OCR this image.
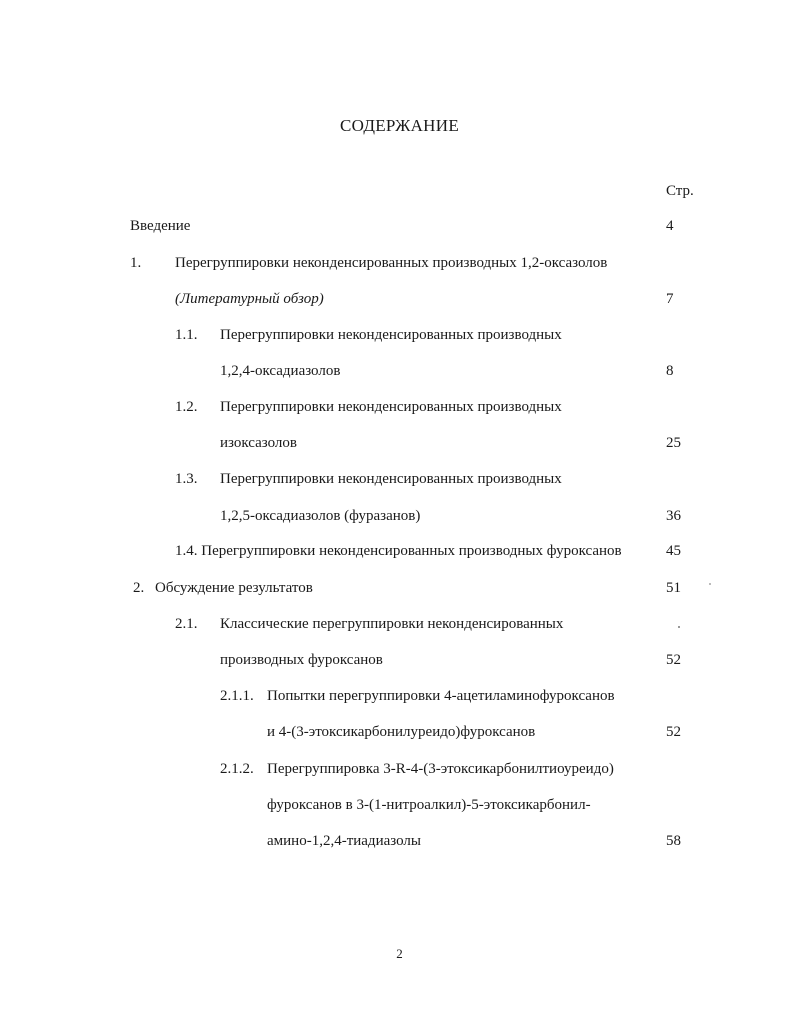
СОДЕРЖАНИЕ
Стр.
Введение	4
1. Перегруппировки неконденсированных производных 1,2-оксазолов
(Литературный обзор)	7
1.1. Перегруппировки неконденсированных производных
1,2,4-оксадиазолов	8
1.2. Перегруппировки неконденсированных производных
изоксазолов	25
1.3. Перегруппировки неконденсированных производных
1,2,5-оксадиазолов (фуразанов)	36
1.4. Перегруппировки неконденсированных производных фуроксанов	45
2. Обсуждение результатов	51
2.1. Классические перегруппировки неконденсированных
производных фуроксанов	52
2.1.1. Попытки перегруппировки 4-ацетиламинофуроксанов
и 4-(3-этоксикарбонилуреидо)фуроксанов	52
2.1.2. Перегруппировка 3-R-4-(3-этоксикарбонилтиоуреидо)
фуроксанов в 3-(1-нитроалкил)-5-этоксикарбонил-
амино-1,2,4-тиадиазолы	58
2
